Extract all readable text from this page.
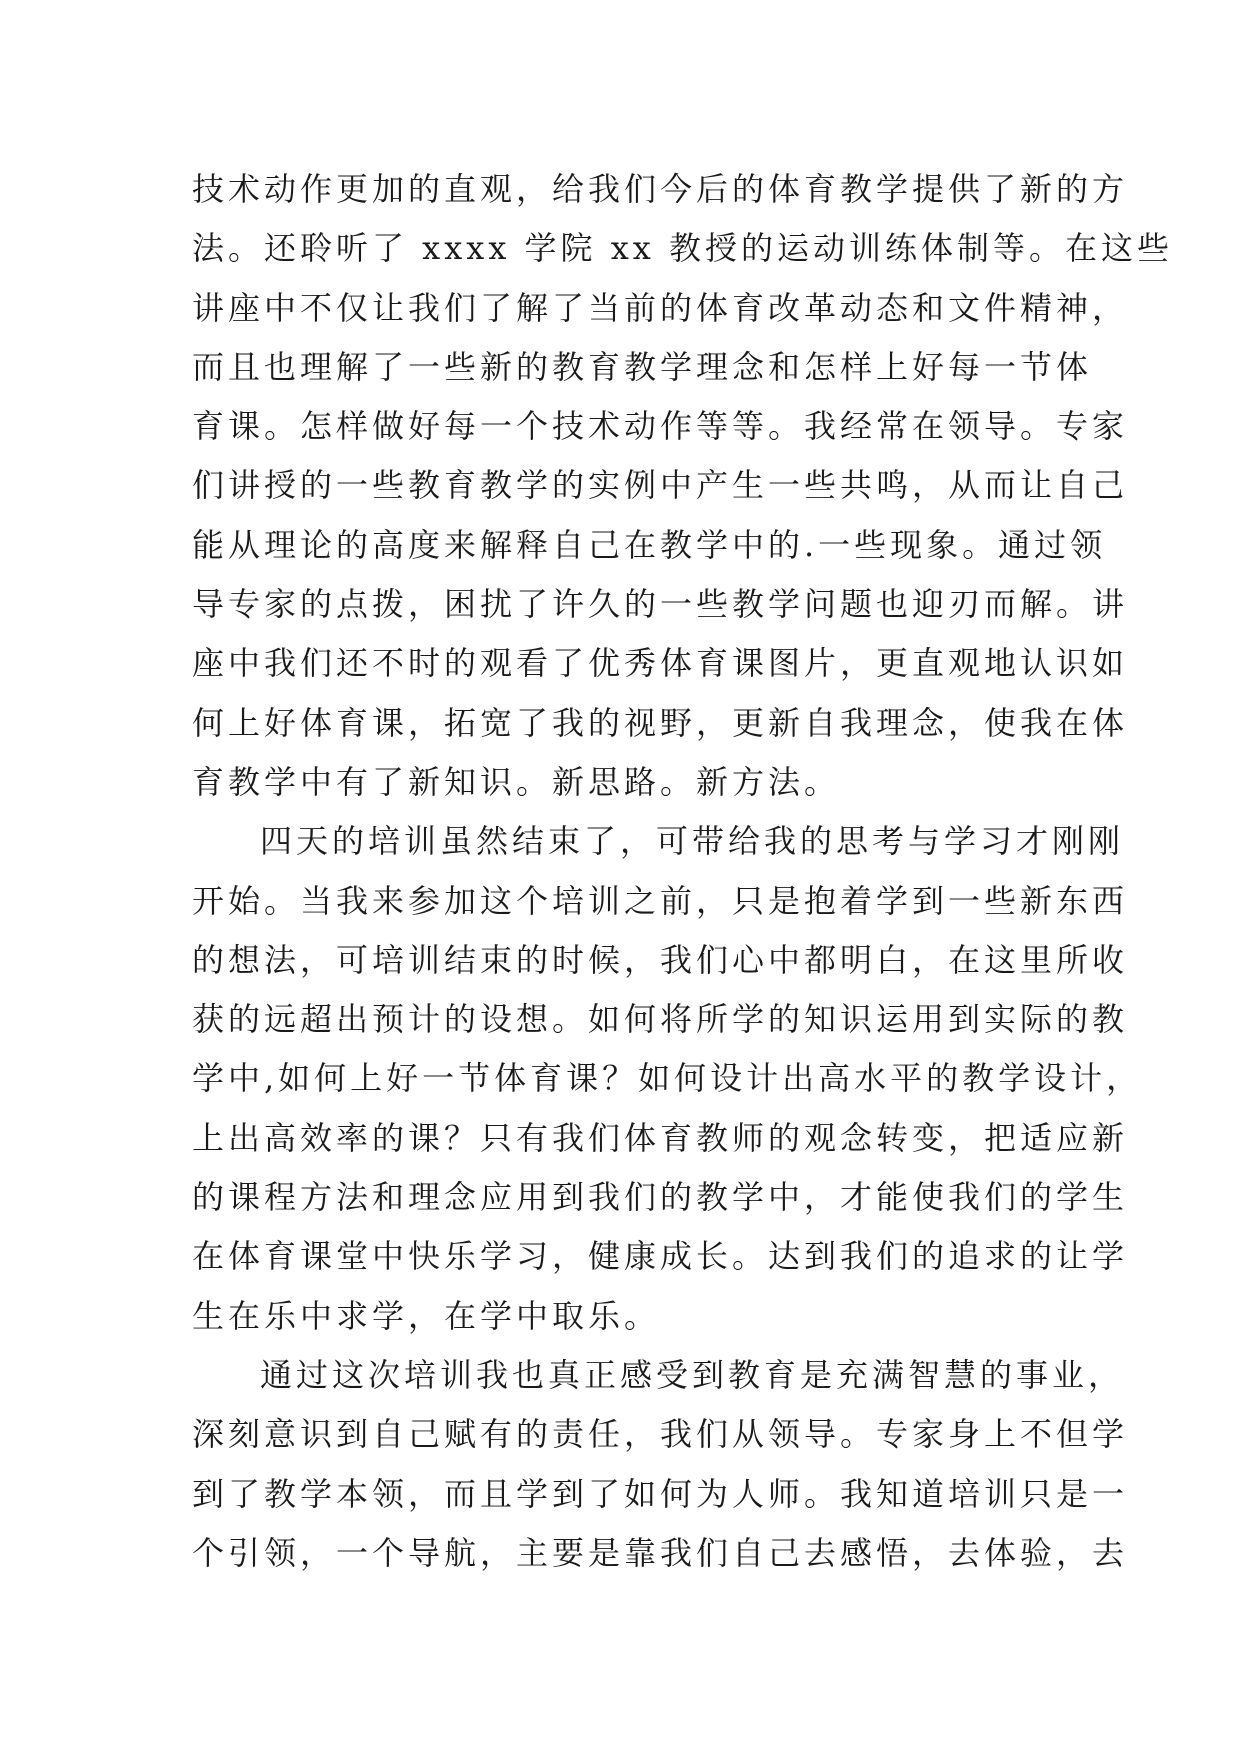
技术动作更加的直观，给我们今后的体育教学提供了新的方
法。还聆听了 xxxx 学院 xx 教授的运动训练体制等。在这些
讲座中不仅让我们了解了当前的体育改革动态和文件精神，
而且也理解了一些新的教育教学理念和怎样上好每一节体
育课。怎样做好每一个技术动作等等。我经常在领导。专家
们讲授的一些教育教学的实例中产生一些共鸣，从而让自己
能从理论的高度来解释自己在教学中的.一些现象。通过领
导专家的点拨，困扰了许久的一些教学问题也迎刃而解。讲
座中我们还不时的观看了优秀体育课图片，更直观地认识如
何上好体育课，拓宽了我的视野，更新自我理念，使我在体
育教学中有了新知识。新思路。新方法。
四天的培训虽然结束了，可带给我的思考与学习才刚刚
开始。当我来参加这个培训之前，只是抱着学到一些新东西
的想法，可培训结束的时候，我们心中都明白，在这里所收
获的远超出预计的设想。如何将所学的知识运用到实际的教
学中,如何上好一节体育课？如何设计出高水平的教学设计，
上出高效率的课？只有我们体育教师的观念转变，把适应新
的课程方法和理念应用到我们的教学中，才能使我们的学生
在体育课堂中快乐学习，健康成长。达到我们的追求的让学
生在乐中求学，在学中取乐。
通过这次培训我也真正感受到教育是充满智慧的事业，
深刻意识到自己赋有的责任，我们从领导。专家身上不但学
到了教学本领，而且学到了如何为人师。我知道培训只是一
个引领，一个导航，主要是靠我们自己去感悟，去体验，去
